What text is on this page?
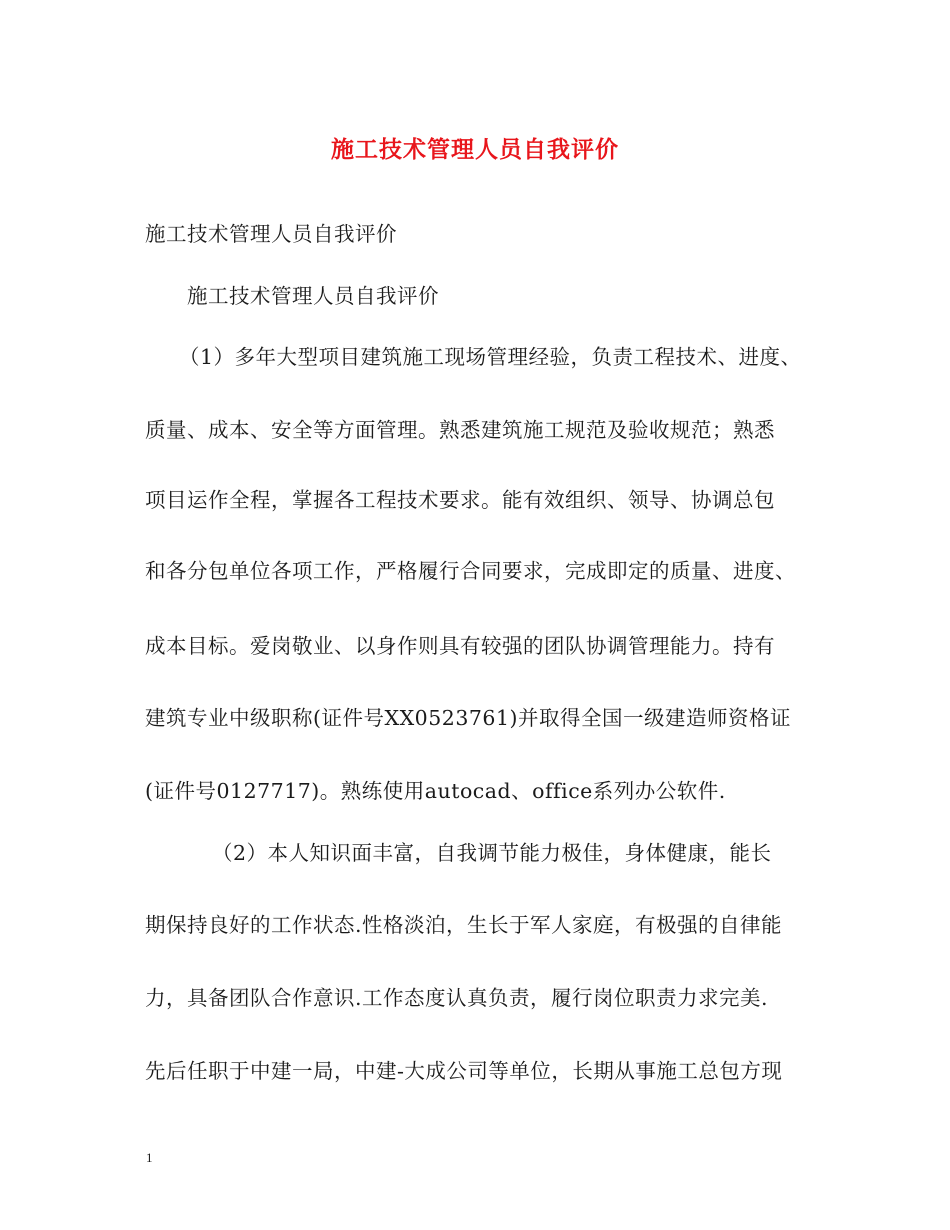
施工技术管理人员自我评价
施工技术管理人员自我评价
施工技术管理人员自我评价
（1）多年大型项目建筑施工现场管理经验，负责工程技术、进度、
质量、成本、安全等方面管理。熟悉建筑施工规范及验收规范；熟悉
项目运作全程，掌握各工程技术要求。能有效组织、领导、协调总包
和各分包单位各项工作，严格履行合同要求，完成即定的质量、进度、
成本目标。爱岗敬业、以身作则具有较强的团队协调管理能力。持有
建筑专业中级职称(证件号XX0523761)并取得全国一级建造师资格证
(证件号0127717)。熟练使用autocad、office系列办公软件.
（2）本人知识面丰富，自我调节能力极佳，身体健康，能长
期保持良好的工作状态.性格淡泊，生长于军人家庭，有极强的自律能
力，具备团队合作意识.工作态度认真负责，履行岗位职责力求完美.
先后任职于中建一局，中建-大成公司等单位，长期从事施工总包方现
1
